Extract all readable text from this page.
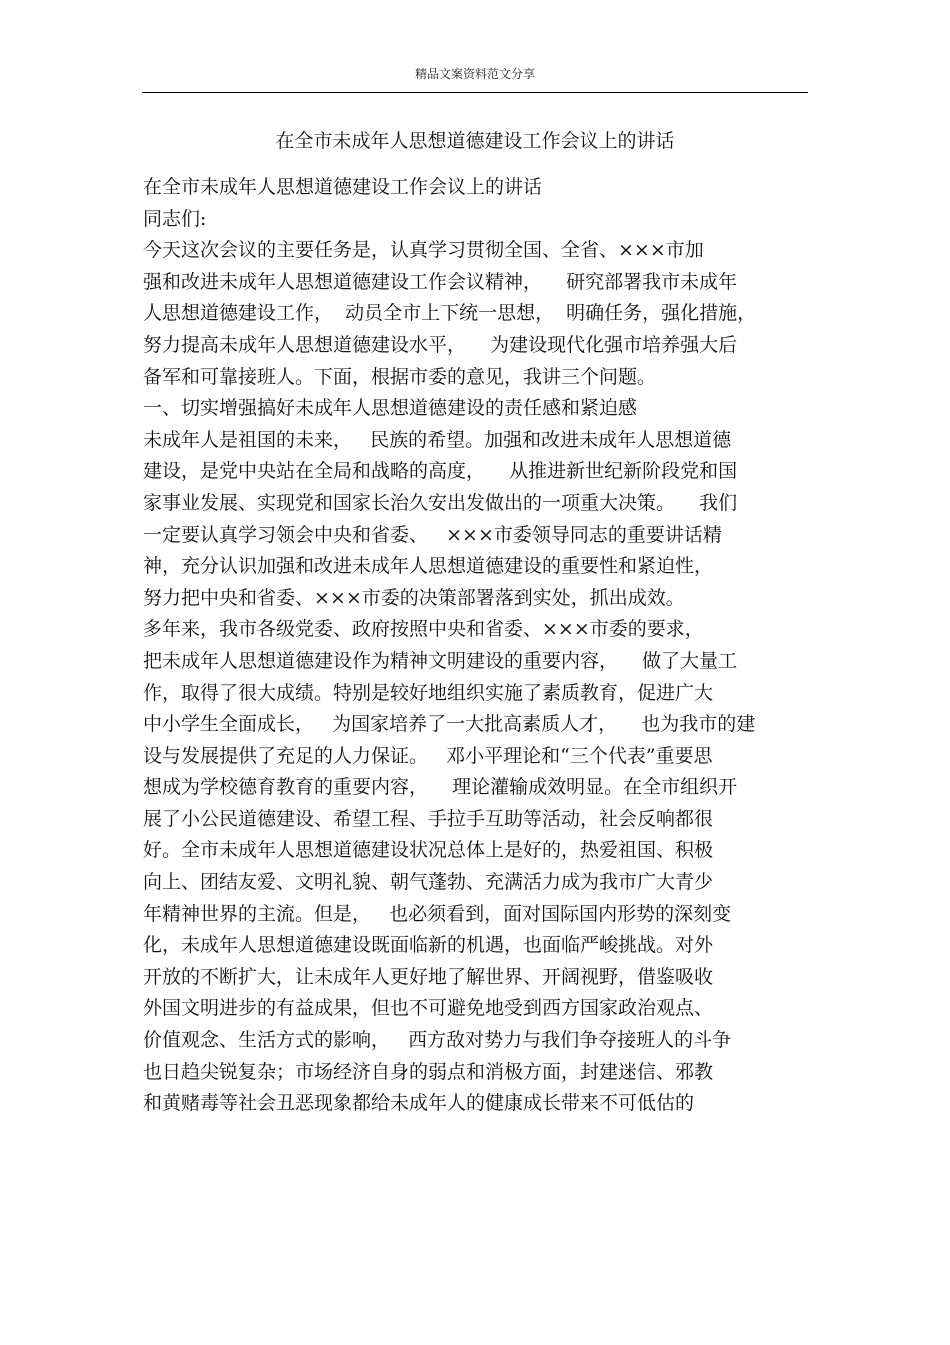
精品文案资料范文分享
在全市未成年人思想道德建设工作会议上的讲话
在全市未成年人思想道德建设工作会议上的讲话
同志们:
今天这次会议的主要任务是，认真学习贯彻全国、全省、×××市加
强和改进未成年人思想道德建设工作会议精神，    研究部署我市未成年
人思想道德建设工作，  动员全市上下统一思想，  明确任务，强化措施，
努力提高未成年人思想道德建设水平，    为建设现代化强市培养强大后
备军和可靠接班人。下面，根据市委的意见，我讲三个问题。
一、切实增强搞好未成年人思想道德建设的责任感和紧迫感
未成年人是祖国的未来，   民族的希望。加强和改进未成年人思想道德
建设，是党中央站在全局和战略的高度，    从推进新世纪新阶段党和国
家事业发展、实现党和国家长治久安出发做出的一项重大决策。    我们
一定要认真学习领会中央和省委、   ×××市委领导同志的重要讲话精
神，充分认识加强和改进未成年人思想道德建设的重要性和紧迫性，
努力把中央和省委、×××市委的决策部署落到实处，抓出成效。
多年来，我市各级党委、政府按照中央和省委、×××市委的要求，
把未成年人思想道德建设作为精神文明建设的重要内容，    做了大量工
作，取得了很大成绩。特别是较好地组织实施了素质教育，促进广大
中小学生全面成长，   为国家培养了一大批高素质人才，    也为我市的建
设与发展提供了充足的人力保证。   邓小平理论和“三个代表”重要思
想成为学校德育教育的重要内容，    理论灌输成效明显。在全市组织开
展了小公民道德建设、希望工程、手拉手互助等活动，社会反响都很
好。全市未成年人思想道德建设状况总体上是好的，热爱祖国、积极
向上、团结友爱、文明礼貌、朝气蓬勃、充满活力成为我市广大青少
年精神世界的主流。但是，   也必须看到，面对国际国内形势的深刻变
化，未成年人思想道德建设既面临新的机遇，也面临严峻挑战。对外
开放的不断扩大，让未成年人更好地了解世界、开阔视野，借鉴吸收
外国文明进步的有益成果，但也不可避免地受到西方国家政治观点、
价值观念、生活方式的影响，   西方敌对势力与我们争夺接班人的斗争
也日趋尖锐复杂；市场经济自身的弱点和消极方面，封建迷信、邪教
和黄赌毒等社会丑恶现象都给未成年人的健康成长带来不可低估的
